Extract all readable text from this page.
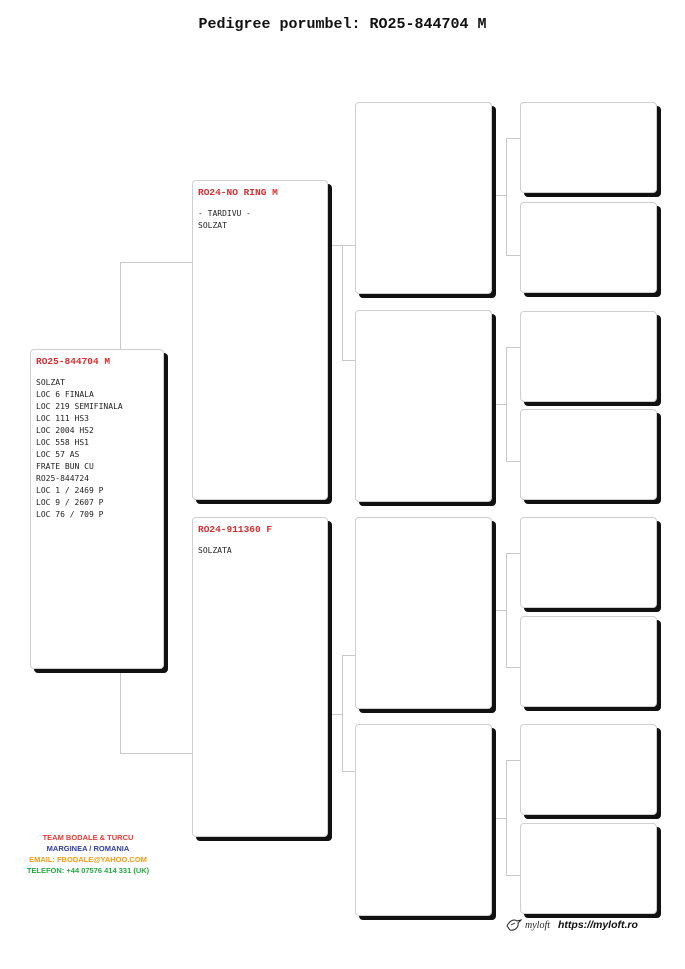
Pedigree porumbel: RO25-844704 M
RO25-844704 M
SOLZAT
LOC 6 FINALA
LOC 219 SEMIFINALA
LOC 111 HS3
LOC 2004 HS2
LOC 558 HS1
LOC 57 AS
FRATE BUN CU
RO25-844724
LOC 1 / 2469 P
LOC 9 / 2607 P
LOC 76 / 709 P
RO24-NO RING M
- TARDIVU -
SOLZAT
RO24-911360 F
SOLZATA
TEAM BODALE & TURCU
MARGINEA / ROMANIA
EMAIL: FBODALE@YAHOO.COM
TELEFON: +44 07576 414 331 (UK)
myloft https://myloft.ro
